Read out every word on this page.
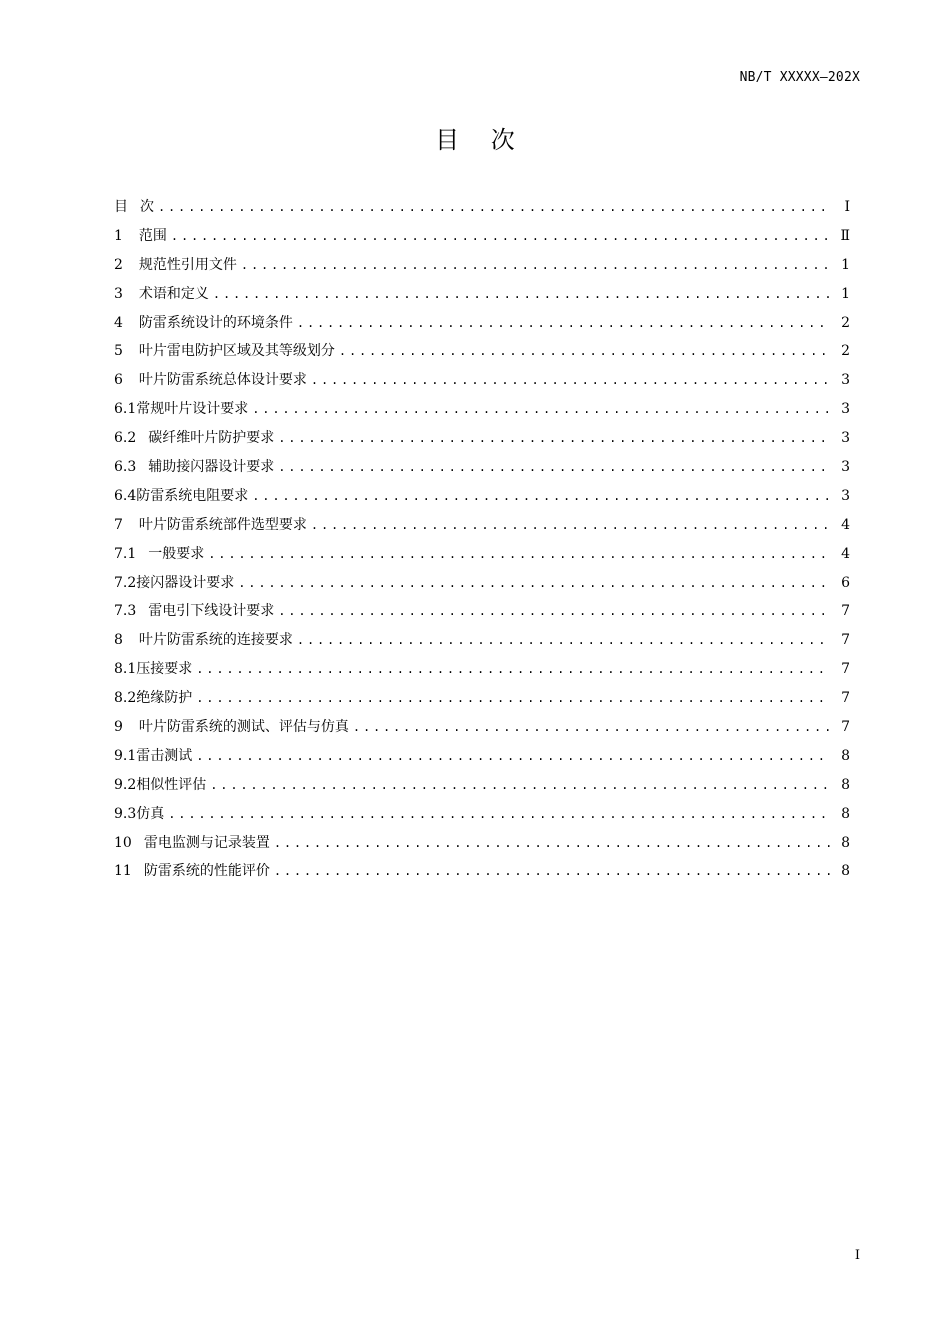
NB/T XXXXX—202X
目 次
目 次 .....	I
1	范围 .....	Ⅱ
2	规范性引用文件 .....	1
3	术语和定义 .....	1
4	防雷系统设计的环境条件 .....	2
5	叶片雷电防护区域及其等级划分 .....	2
6	叶片防雷系统总体设计要求 .....	3
6.1 常规叶片设计要求 .....	3
6.2 碳纤维叶片防护要求 .....	3
6.3 辅助接闪器设计要求 .....	3
6.4 防雷系统电阻要求 .....	3
7	叶片防雷系统部件选型要求 .....	4
7.1 一般要求 .....	4
7.2 接闪器设计要求 .....	6
7.3 雷电引下线设计要求 .....	7
8	叶片防雷系统的连接要求 .....	7
8.1 压接要求 .....	7
8.2 绝缘防护 .....	7
9	叶片防雷系统的测试、评估与仿真 .....	7
9.1 雷击测试 .....	8
9.2 相似性评估 .....	8
9.3 仿真 .....	8
10 雷电监测与记录装置 .....	8
11 防雷系统的性能评价 .....	8
I
